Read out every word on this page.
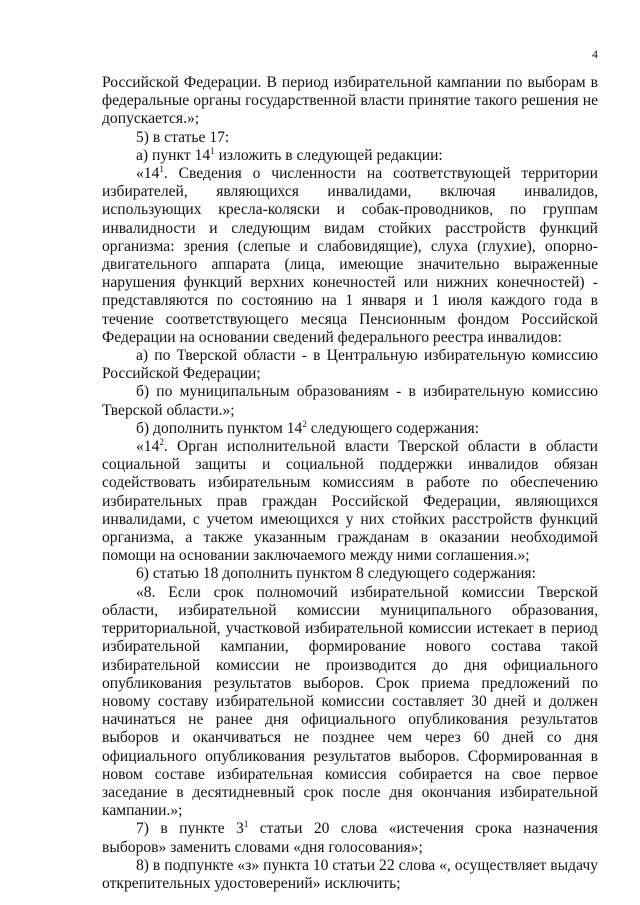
4

Российской Федерации. В период избирательной кампании по выборам в федеральные органы государственной власти принятие такого решения не допускается.»;

5) в статье 17:

а) пункт $14^1$ изложить в следующей редакции:

«$14^1$. Сведения о численности на соответствующей территории избирателей, являющихся инвалидами, включая инвалидов, использующих кресла-коляски и собак-проводников, по группам инвалидности и следующим видам стойких расстройств функций организма: зрения (слепые и слабовидящие), слуха (глухие), опорно-двигательного аппарата (лица, имеющие значительно выраженные нарушения функций верхних конечностей или нижних конечностей) - представляются по состоянию на 1 января и 1 июля каждого года в течение соответствующего месяца Пенсионным фондом Российской Федерации на основании сведений федерального реестра инвалидов:

а) по Тверской области - в Центральную избирательную комиссию Российской Федерации;

б) по муниципальным образованиям - в избирательную комиссию Тверской области.»;

б) дополнить пунктом $14^2$ следующего содержания:

«$14^2$. Орган исполнительной власти Тверской области в области социальной защиты и социальной поддержки инвалидов обязан содействовать избирательным комиссиям в работе по обеспечению избирательных прав граждан Российской Федерации, являющихся инвалидами, с учетом имеющихся у них стойких расстройств функций организма, а также указанным гражданам в оказании необходимой помощи на основании заключаемого между ними соглашения.»;

6) статью 18 дополнить пунктом 8 следующего содержания:

«8. Если срок полномочий избирательной комиссии Тверской области, избирательной комиссии муниципального образования, территориальной, участковой избирательной комиссии истекает в период избирательной кампании, формирование нового состава такой избирательной комиссии не производится до дня официального опубликования результатов выборов. Срок приема предложений по новому составу избирательной комиссии составляет 30 дней и должен начинаться не ранее дня официального опубликования результатов выборов и оканчиваться не позднее чем через 60 дней со дня официального опубликования результатов выборов. Сформированная в новом составе избирательная комиссия собирается на свое первое заседание в десятидневный срок после дня окончания избирательной кампании.»;

7) в пункте $3^1$ статьи 20 слова «истечения срока назначения выборов» заменить словами «дня голосования»;

8) в подпункте «з» пункта 10 статьи 22 слова «, осуществляет выдачу открепительных удостоверений» исключить;
